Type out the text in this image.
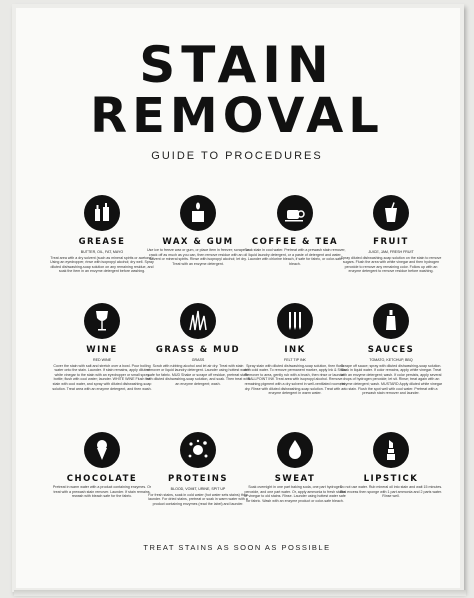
STAIN
REMOVAL
GUIDE TO PROCEDURES
GREASE
BUTTER, OIL, FAT, MAYO
Treat area with a dry solvent (such as mineral spirits or acetone). Using an eyedropper, rinse with isopropyl alcohol; dry well. Spray diluted dishwashing-soap solution on any remaining residue, and soak the item in an enzyme detergent before washing.
WAX & GUM
Use ice to freeze wax or gum, or place item in freezer; scrape or crack off as much as you can, then remove residue with an oil solvent or mineral spirits. Rinse with isopropyl alcohol; let dry. Treat with an enzyme detergent.
COFFEE & TEA
Soak stain in cool water. Pretreat with a prewash stain remover, liquid laundry detergent, or a paste of detergent and water. Launder with chlorine bleach, if safe for fabric, or color-safe bleach.
FRUIT
JUICE, JAM, FRESH FRUIT
Spray diluted dishwashing-soap solution on the stain to remove sugars. Flush the area with white vinegar and then hydrogen peroxide to remove any remaining color. Follow up with an enzyme detergent to remove residue before washing.
WINE
RED WINE
Cover the stain with salt and stretch over a bowl. Pour boiling water onto the stain. Launder. If stain remains, apply diluted white vinegar to the stain with an eyedropper or small spray bottle; flush with cool water; launder. WHITE WINE Flush the stain with cool water, and spray with diluted dishwashing-soap solution. Treat area with an enzyme detergent, and then wash.
GRASS & MUD
GRASS
Scrub with rubbing alcohol and let air dry. Treat with stain remover or liquid laundry detergent. Launder using hottest water safe for fabric. MUD Shake or scrape off residue, pretreat stain with diluted dishwashing-soap solution, and soak. Then treat with an enzyme detergent; wash.
INK
FELT TIP INK
Spray stain with diluted dishwashing-soap solution, then flush with cold water. To remove permanent marker, apply Ink & Stain Remover to area, gently rub with a brush, then rinse or launder. BALLPOINT INK Treat area with isopropyl alcohol. Remove remaining pigment with a dry solvent in well-ventilated room; let dry. Rinse with diluted dishwashing-soap solution. Treat with an enzyme detergent in warm water.
SAUCES
TOMATO, KETCHUP, BBQ
Scrape off sauce; spray with diluted dishwashing-soap solution. Soak in liquid water. If color remains, apply white vinegar. Treat with an enzyme detergent; wash. If color persists, apply several drops of hydrogen peroxide; let sit. Rinse; treat again with an enzyme detergent; wash. MUSTARD Apply diluted white vinegar to stain. Flush the spot well with cool water. Pretreat with a prewash stain remover and launder.
CHOCOLATE
Pretreat in warm water with a product containing enzymes. Or treat with a prewash stain remover. Launder. If stain remains, rewash with bleach safe for the fabric.
PROTEINS
BLOOD, VOMIT, URINE, SPIT UP
For fresh stains, soak in cold water (hot water sets stains) then launder. For dried stains, pretreat or soak in warm water with a product containing enzymes (read the label) and launder.
SWEAT
Soak overnight in one part baking soda, one part hydrogen peroxide, and one part water. Or, apply ammonia to fresh stains or vinegar to old stains. Rinse. Launder using hottest water safe for fabric. Wash with an enzyme product or color-safe bleach.
LIPSTICK
Do not use water. Rub mineral oil into stain and wait 15 minutes. Blot excess then sponge with 1 part ammonia and 2 parts water. Rinse well.
TREAT STAINS AS SOON AS POSSIBLE
